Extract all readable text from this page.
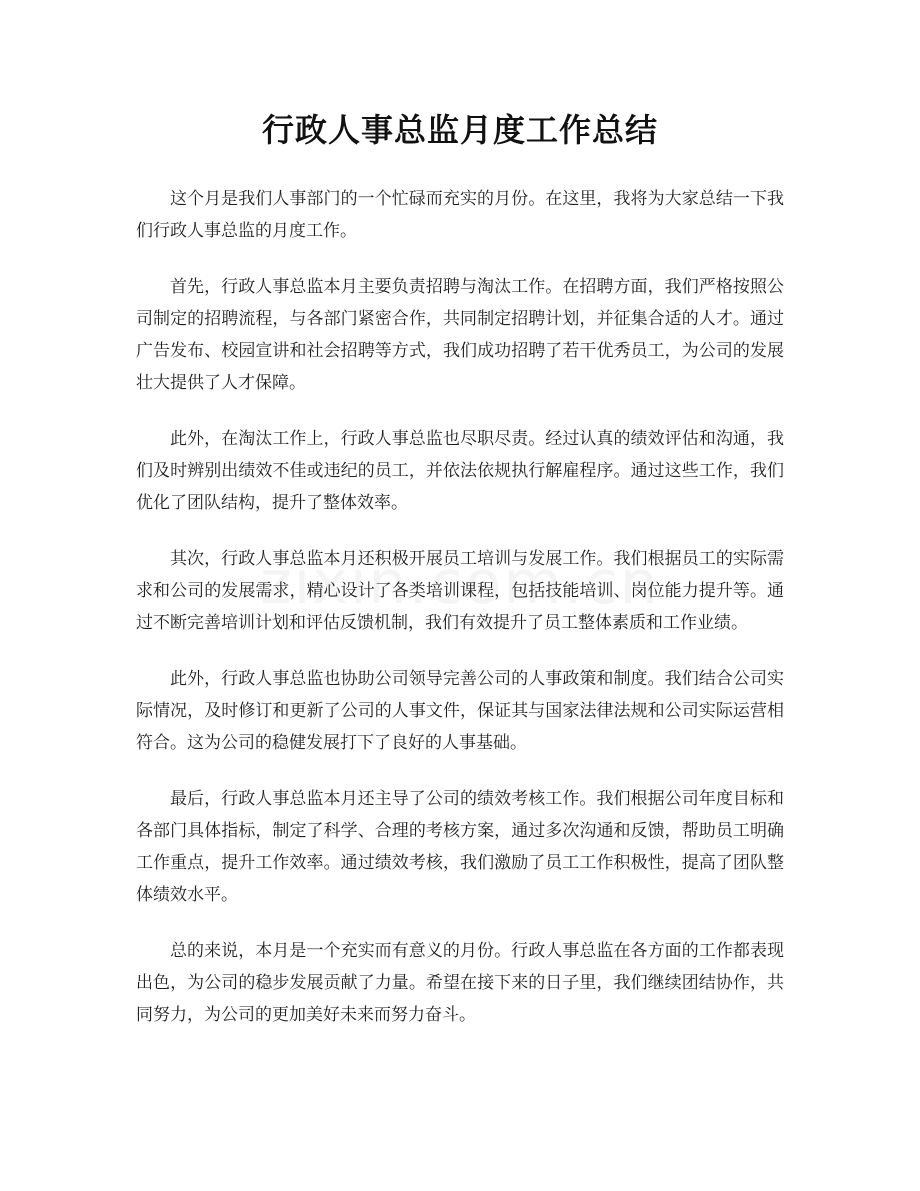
行政人事总监月度工作总结

这个月是我们人事部门的一个忙碌而充实的月份。在这里，我将为大家总结一下我们行政人事总监的月度工作。

首先，行政人事总监本月主要负责招聘与淘汰工作。在招聘方面，我们严格按照公司制定的招聘流程，与各部门紧密合作，共同制定招聘计划，并征集合适的人才。通过广告发布、校园宣讲和社会招聘等方式，我们成功招聘了若干优秀员工，为公司的发展壮大提供了人才保障。

此外，在淘汰工作上，行政人事总监也尽职尽责。经过认真的绩效评估和沟通，我们及时辨别出绩效不佳或违纪的员工，并依法依规执行解雇程序。通过这些工作，我们优化了团队结构，提升了整体效率。

其次，行政人事总监本月还积极开展员工培训与发展工作。我们根据员工的实际需求和公司的发展需求，精心设计了各类培训课程，包括技能培训、岗位能力提升等。通过不断完善培训计划和评估反馈机制，我们有效提升了员工整体素质和工作业绩。

此外，行政人事总监也协助公司领导完善公司的人事政策和制度。我们结合公司实际情况，及时修订和更新了公司的人事文件，保证其与国家法律法规和公司实际运营相符合。这为公司的稳健发展打下了良好的人事基础。

最后，行政人事总监本月还主导了公司的绩效考核工作。我们根据公司年度目标和各部门具体指标，制定了科学、合理的考核方案，通过多次沟通和反馈，帮助员工明确工作重点，提升工作效率。通过绩效考核，我们激励了员工工作积极性，提高了团队整体绩效水平。

总的来说，本月是一个充实而有意义的月份。行政人事总监在各方面的工作都表现出色，为公司的稳步发展贡献了力量。希望在接下来的日子里，我们继续团结协作，共同努力，为公司的更加美好未来而努力奋斗。
